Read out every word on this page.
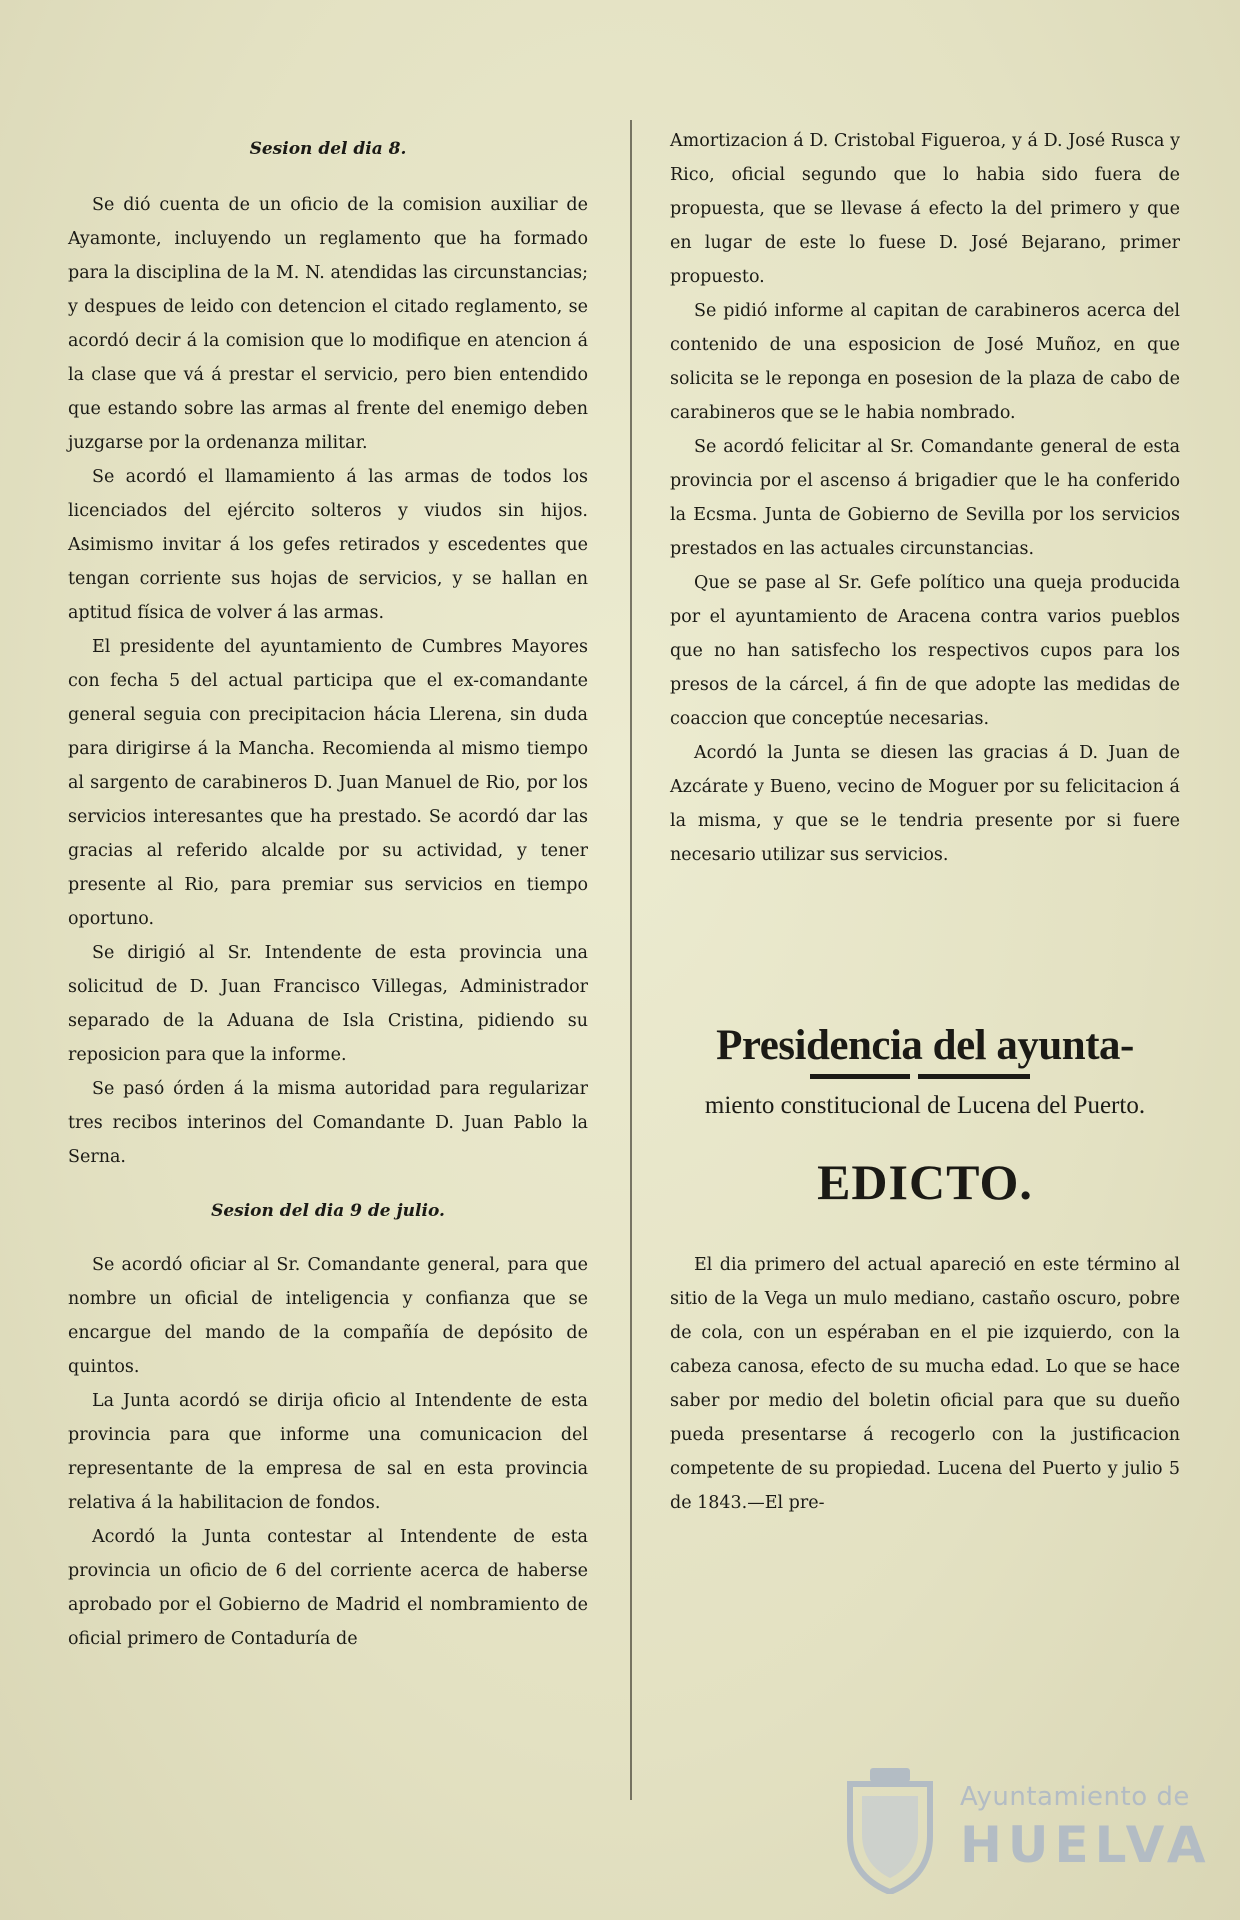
Sesion del dia 8.

Se dió cuenta de un oficio de la comision auxiliar de Ayamonte, incluyendo un reglamento que ha formado para la disciplina de la M. N. atendidas las circunstancias; y despues de leido con detencion el citado reglamento, se acordó decir á la comision que lo modifique en atencion á la clase que vá á prestar el servicio, pero bien entendido que estando sobre las armas al frente del enemigo deben juzgarse por la ordenanza militar.

Se acordó el llamamiento á las armas de todos los licenciados del ejército solteros y viudos sin hijos. Asimismo invitar á los gefes retirados y escedentes que tengan corriente sus hojas de servicios, y se hallan en aptitud física de volver á las armas.

El presidente del ayuntamiento de Cumbres Mayores con fecha 5 del actual participa que el ex-comandante general seguia con precipitacion hácia Llerena, sin duda para dirigirse á la Mancha. Recomienda al mismo tiempo al sargento de carabineros D. Juan Manuel de Rio, por los servicios interesantes que ha prestado. Se acordó dar las gracias al referido alcalde por su actividad, y tener presente al Rio, para premiar sus servicios en tiempo oportuno.

Se dirigió al Sr. Intendente de esta provincia una solicitud de D. Juan Francisco Villegas, Administrador separado de la Aduana de Isla Cristina, pidiendo su reposicion para que la informe.

Se pasó órden á la misma autoridad para regularizar tres recibos interinos del Comandante D. Juan Pablo la Serna.

Sesion del dia 9 de julio.

Se acordó oficiar al Sr. Comandante general, para que nombre un oficial de inteligencia y confianza que se encargue del mando de la compañía de depósito de quintos.

La Junta acordó se dirija oficio al Intendente de esta provincia para que informe una comunicacion del representante de la empresa de sal en esta provincia relativa á la habilitacion de fondos.

Acordó la Junta contestar al Intendente de esta provincia un oficio de 6 del corriente acerca de haberse aprobado por el Gobierno de Madrid el nombramiento de oficial primero de Contaduría de

Amortizacion á D. Cristobal Figueroa, y á D. José Rusca y Rico, oficial segundo que lo habia sido fuera de propuesta, que se llevase á efecto la del primero y que en lugar de este lo fuese D. José Bejarano, primer propuesto.

Se pidió informe al capitan de carabineros acerca del contenido de una esposicion de José Muñoz, en que solicita se le reponga en posesion de la plaza de cabo de carabineros que se le habia nombrado.

Se acordó felicitar al Sr. Comandante general de esta provincia por el ascenso á brigadier que le ha conferido la Ecsma. Junta de Gobierno de Sevilla por los servicios prestados en las actuales circunstancias.

Que se pase al Sr. Gefe político una queja producida por el ayuntamiento de Aracena contra varios pueblos que no han satisfecho los respectivos cupos para los presos de la cárcel, á fin de que adopte las medidas de coaccion que conceptúe necesarias.

Acordó la Junta se diesen las gracias á D. Juan de Azcárate y Bueno, vecino de Moguer por su felicitacion á la misma, y que se le tendria presente por si fuere necesario utilizar sus servicios.

Presidencia del ayunta-

miento constitucional de Lucena del Puerto.

EDICTO.

El dia primero del actual apareció en este término al sitio de la Vega un mulo mediano, castaño oscuro, pobre de cola, con un espéraban en el pie izquierdo, con la cabeza canosa, efecto de su mucha edad. Lo que se hace saber por medio del boletin oficial para que su dueño pueda presentarse á recogerlo con la justificacion competente de su propiedad. Lucena del Puerto y julio 5 de 1843.—El pre-

Ayuntamiento de
HUELVA
